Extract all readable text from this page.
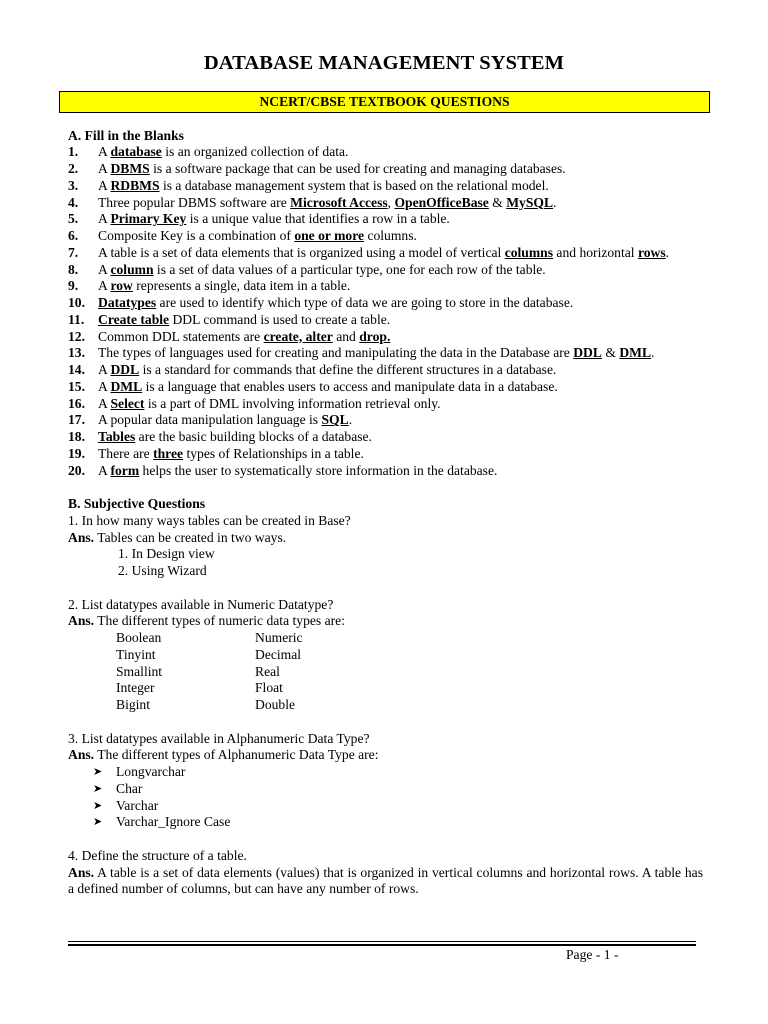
DATABASE MANAGEMENT SYSTEM
NCERT/CBSE TEXTBOOK QUESTIONS

A. Fill in the Blanks

1.	A database is an organized collection of data.
2.	A DBMS is a software package that can be used for creating and managing databases.
3.	A RDBMS is a database management system that is based on the relational model.
4.	Three popular DBMS software are Microsoft Access, OpenOfficeBase & MySQL.
5.	A Primary Key is a unique value that identifies a row in a table.
6.	Composite Key is a combination of one or more columns.
7.	A table is a set of data elements that is organized using a model of vertical columns and horizontal rows.
8.	A column is a set of data values of a particular type, one for each row of the table.
9.	A row represents a single, data item in a table.
10. Datatypes are used to identify which type of data we are going to store in the database.
11.	Create table DDL command is used to create a table.
12. Common DDL statements are create, alter and drop.
13. The types of languages used for creating and manipulating the data in the Database are DDL & DML.
14. A DDL is a standard for commands that define the different structures in a database.
15. A DML is a language that enables users to access and manipulate data in a database.
16. A Select is a part of DML involving information retrieval only.
17. A popular data manipulation language is SQL.
18. Tables are the basic building blocks of a database.
19. There are three types of Relationships in a table.
20. A form helps the user to systematically store information in the database.

B. Subjective Questions

1. In how many ways tables can be created in Base?

Ans. Tables can be created in two ways.

1. In Design view

2. Using Wizard

2. List datatypes available in Numeric Datatype?

Ans. The different types of numeric data types are:

Boolean	Numeric
Tinyint	Decimal
Smallint	Real
Integer	Float
Bigint	Double

3. List datatypes available in Alphanumeric Data Type?

Ans. The different types of Alphanumeric Data Type are:

➤	Longvarchar
➤	Char
➤	Varchar
➤	Varchar_Ignore Case

4. Define the structure of a table.

Ans. A table is a set of data elements (values) that is organized in vertical columns and horizontal rows. A table has a defined number of columns, but can have any number of rows.

Page - 1 -
